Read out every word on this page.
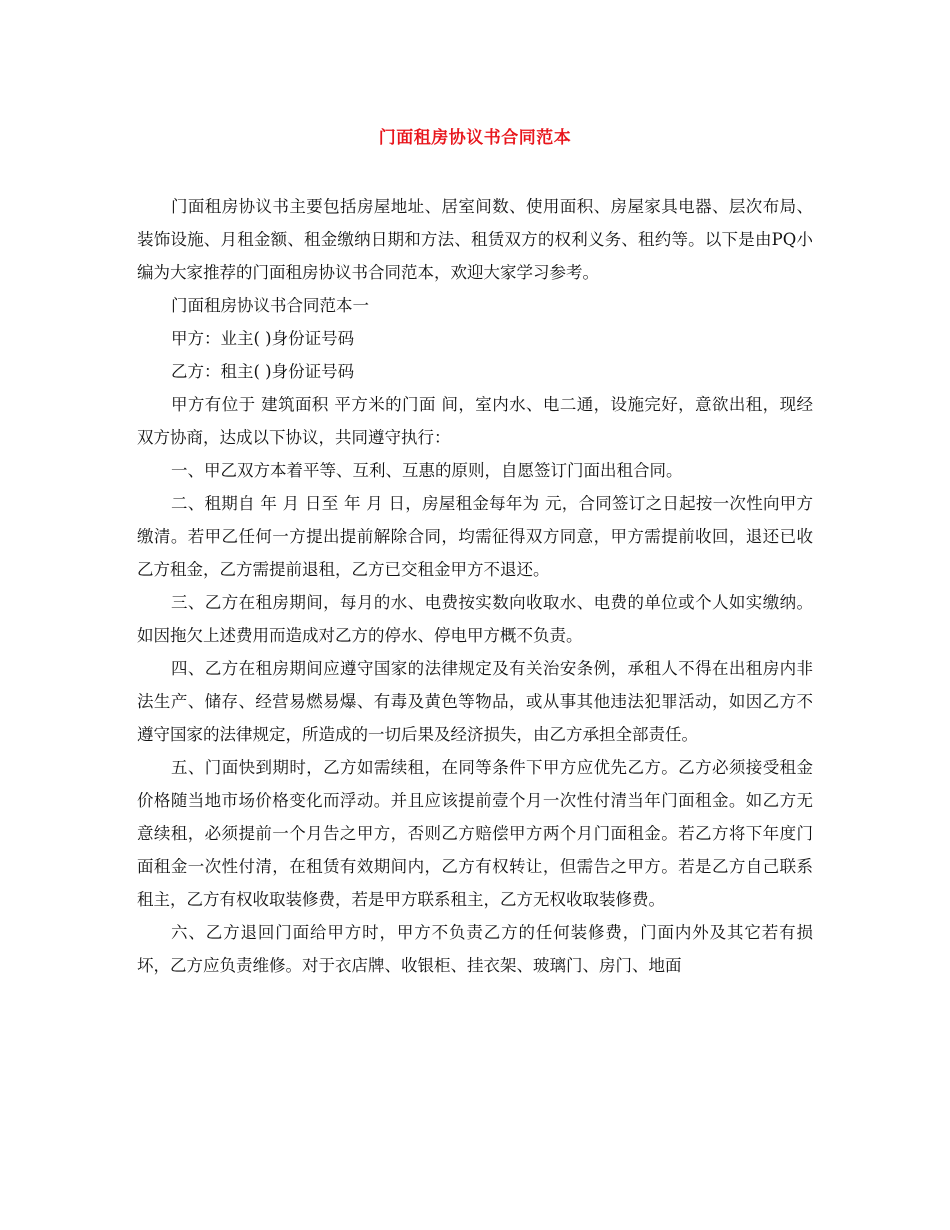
门面租房协议书合同范本

门面租房协议书主要包括房屋地址、居室间数、使用面积、房屋家具电器、层次布局、装饰设施、月租金额、租金缴纳日期和方法、租赁双方的权利义务、租约等。以下是由PQ小编为大家推荐的门面租房协议书合同范本，欢迎大家学习参考。

门面租房协议书合同范本一

甲方：业主( )身份证号码

乙方：租主( )身份证号码

甲方有位于 建筑面积 平方米的门面 间，室内水、电二通，设施完好，意欲出租，现经双方协商，达成以下协议，共同遵守执行：

一、甲乙双方本着平等、互利、互惠的原则，自愿签订门面出租合同。

二、租期自 年 月 日至 年 月 日，房屋租金每年为 元，合同签订之日起按一次性向甲方缴清。若甲乙任何一方提出提前解除合同，均需征得双方同意，甲方需提前收回，退还已收乙方租金，乙方需提前退租，乙方已交租金甲方不退还。

三、乙方在租房期间，每月的水、电费按实数向收取水、电费的单位或个人如实缴纳。如因拖欠上述费用而造成对乙方的停水、停电甲方概不负责。

四、乙方在租房期间应遵守国家的法律规定及有关治安条例，承租人不得在出租房内非法生产、储存、经营易燃易爆、有毒及黄色等物品，或从事其他违法犯罪活动，如因乙方不遵守国家的法律规定，所造成的一切后果及经济损失，由乙方承担全部责任。

五、门面快到期时，乙方如需续租，在同等条件下甲方应优先乙方。乙方必须接受租金价格随当地市场价格变化而浮动。并且应该提前壹个月一次性付清当年门面租金。如乙方无意续租，必须提前一个月告之甲方，否则乙方赔偿甲方两个月门面租金。若乙方将下年度门面租金一次性付清，在租赁有效期间内，乙方有权转让，但需告之甲方。若是乙方自己联系租主，乙方有权收取装修费，若是甲方联系租主，乙方无权收取装修费。

六、乙方退回门面给甲方时，甲方不负责乙方的任何装修费，门面内外及其它若有损坏，乙方应负责维修。对于衣店牌、收银柜、挂衣架、玻璃门、房门、地面
